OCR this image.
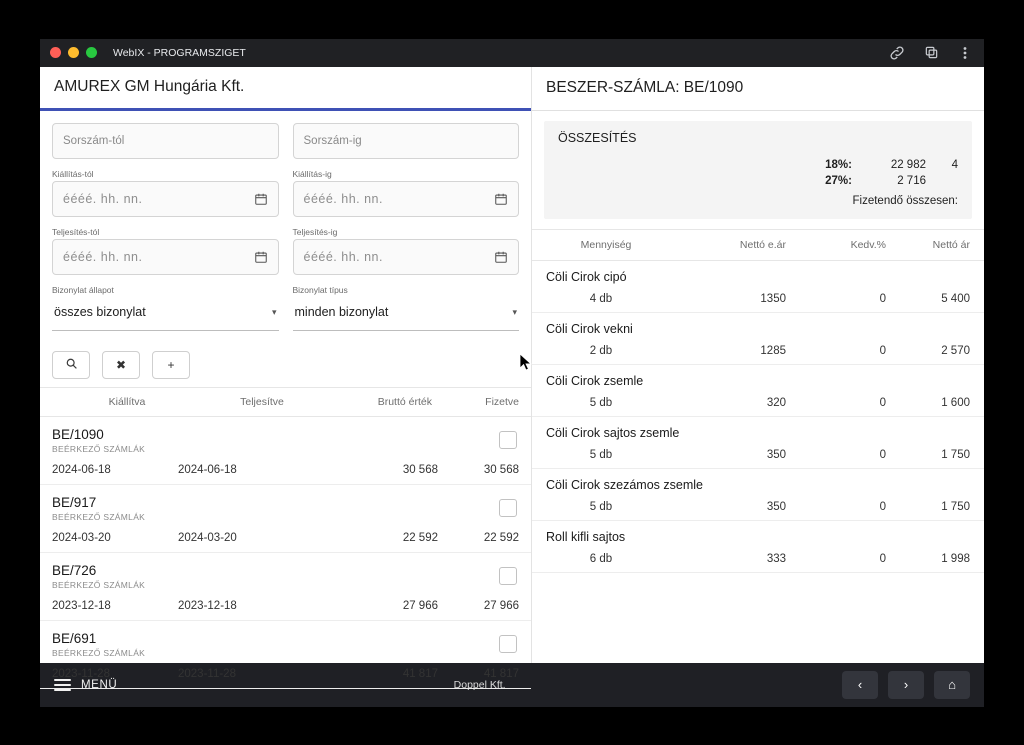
WebIX - PROGRAMSZIGET
AMUREX GM Hungária Kft.
Sorszám-tól	Sorszám-ig
Kiállítás-tól
éééé. hh. nn.
Kiállítás-ig
éééé. hh. nn.
Teljesítés-tól
éééé. hh. nn.
Teljesítés-ig
éééé. hh. nn.
Bizonylat állapot
összes bizonylat	▾
Bizonylat típus
minden bizonylat	▾
✖	+
Kiállítva	Teljesítve	Bruttó érték	Fizetve
BE/1090
BEÉRKEZŐ SZÁMLÁK
2024-06-18	2024-06-18	30 568	30 568
BE/917
BEÉRKEZŐ SZÁMLÁK
2024-03-20	2024-03-20	22 592	22 592
BE/726
BEÉRKEZŐ SZÁMLÁK
2023-12-18	2023-12-18	27 966	27 966
BE/691
BEÉRKEZŐ SZÁMLÁK
2023-11-28	2023-11-28	41 817	41 817
BESZER-SZÁMLA: BE/1090
ÖSSZESÍTÉS
18%:	22 982	4
27%:	2 716
Fizetendő összesen:
Mennyiség	Nettó e.ár	Kedv.%	Nettó ár
Cöli Cirok cipó
4 db	1350	0	5 400
Cöli Cirok vekni
2 db	1285	0	2 570
Cöli Cirok zsemle
5 db	320	0	1 600
Cöli Cirok sajtos zsemle
5 db	350	0	1 750
Cöli Cirok szezámos zsemle
5 db	350	0	1 750
Roll kifli sajtos
6 db	333	0	1 998
MENÜ	Doppel Kft.	‹	›	⌂
